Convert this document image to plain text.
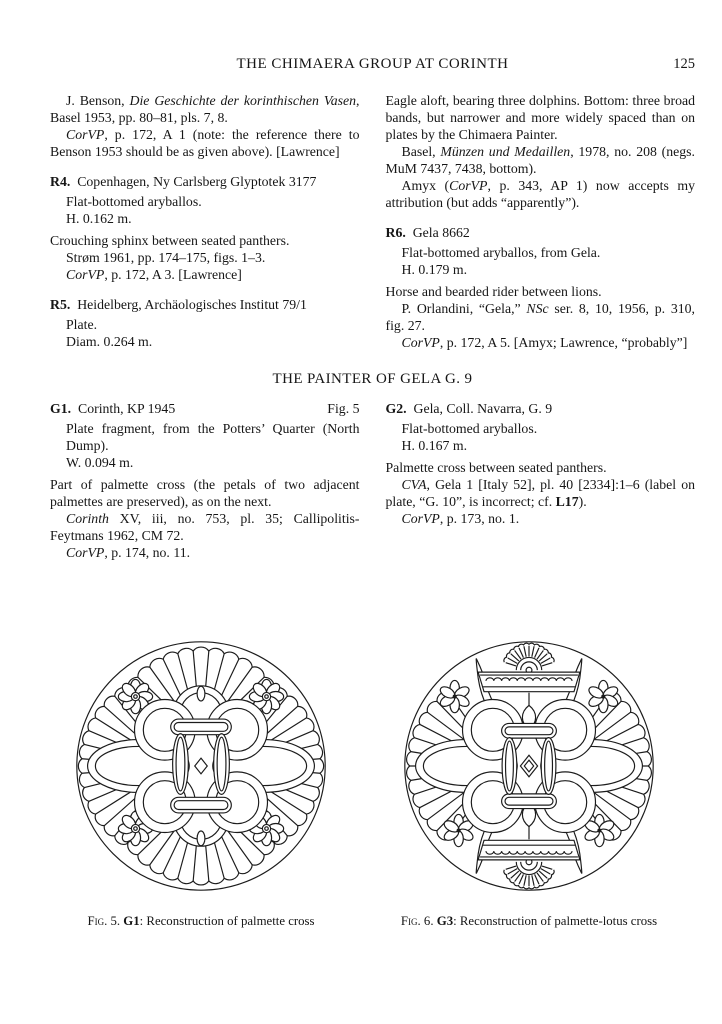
THE CHIMAERA GROUP AT CORINTH	125
J. Benson, Die Geschichte der korinthischen Vasen, Basel 1953, pp. 80–81, pls. 7, 8.
CorVP, p. 172, A 1 (note: the reference there to Benson 1953 should be as given above). [Lawrence]
R4. Copenhagen, Ny Carlsberg Glyptotek 3177
Flat-bottomed aryballos.
H. 0.162 m.
Crouching sphinx between seated panthers.
Strøm 1961, pp. 174–175, figs. 1–3.
CorVP, p. 172, A 3. [Lawrence]
R5. Heidelberg, Archäologisches Institut 79/1
Plate.
Diam. 0.264 m.
Eagle aloft, bearing three dolphins. Bottom: three broad bands, but narrower and more widely spaced than on plates by the Chimaera Painter.
Basel, Münzen und Medaillen, 1978, no. 208 (negs. MuM 7437, 7438, bottom).
Amyx (CorVP, p. 343, AP 1) now accepts my attribution (but adds “apparently”).
R6. Gela 8662
Flat-bottomed aryballos, from Gela.
H. 0.179 m.
Horse and bearded rider between lions.
P. Orlandini, “Gela,” NSc ser. 8, 10, 1956, p. 310, fig. 27.
CorVP, p. 172, A 5. [Amyx; Lawrence, “probably”]
THE PAINTER OF GELA G. 9
G1. Corinth, KP 1945	Fig. 5
Plate fragment, from the Potters’ Quarter (North Dump).
W. 0.094 m.
Part of palmette cross (the petals of two adjacent palmettes are preserved), as on the next.
Corinth XV, iii, no. 753, pl. 35; Callipolitis-Feytmans 1962, CM 72.
CorVP, p. 174, no. 11.
G2. Gela, Coll. Navarra, G. 9
Flat-bottomed aryballos.
H. 0.167 m.
Palmette cross between seated panthers.
CVA, Gela 1 [Italy 52], pl. 40 [2334]:1–6 (label on plate, “G. 10”, is incorrect; cf. L17).
CorVP, p. 173, no. 1.
Fig. 5. G1: Reconstruction of palmette cross	Fig. 6. G3: Reconstruction of palmette-lotus cross
